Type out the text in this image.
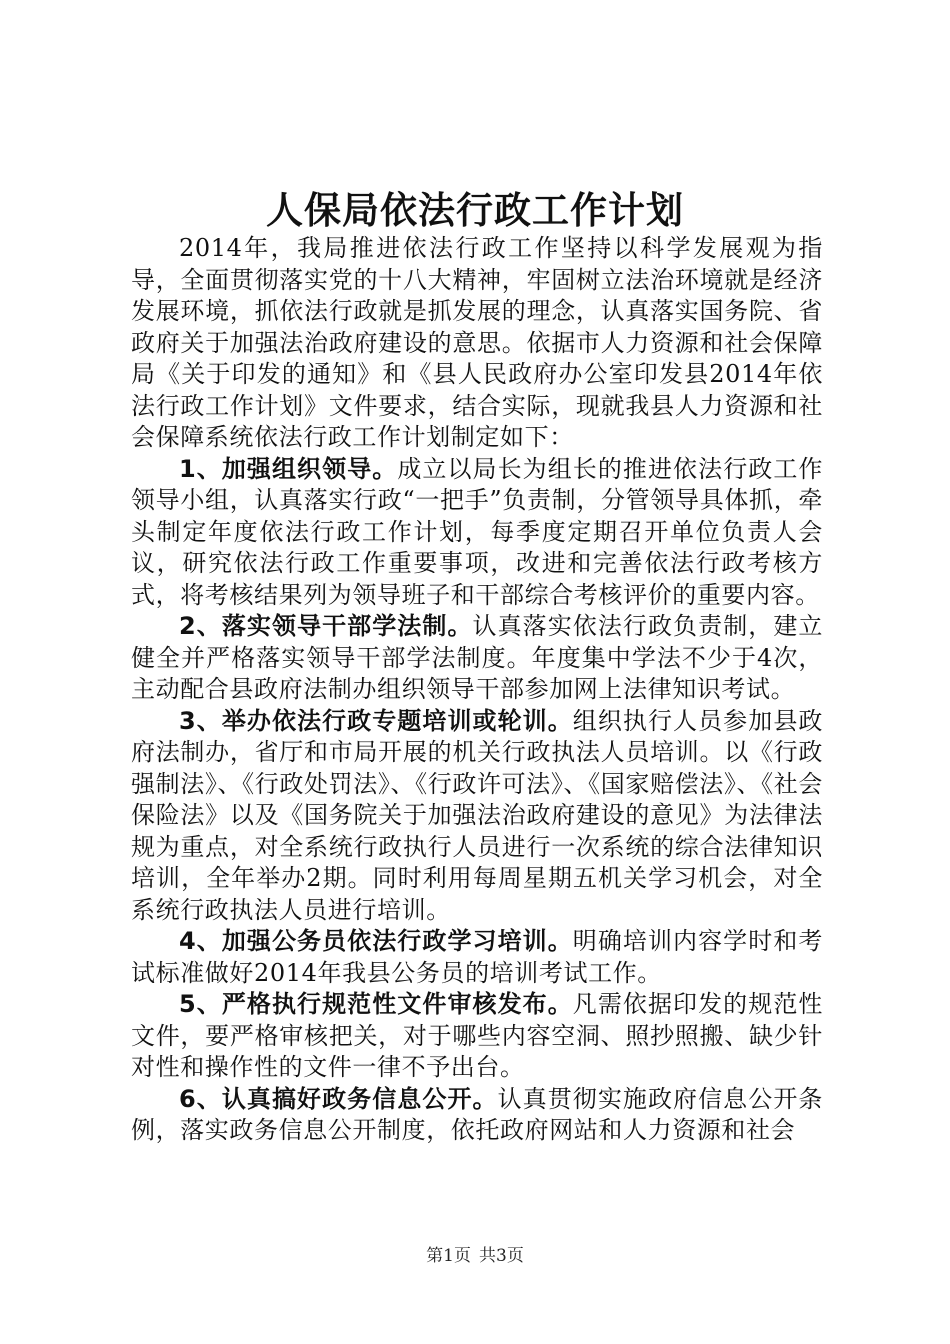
人保局依法行政工作计划

2014年，我局推进依法行政工作坚持以科学发展观为指导，全面贯彻落实党的十八大精神，牢固树立法治环境就是经济发展环境，抓依法行政就是抓发展的理念，认真落实国务院、省政府关于加强法治政府建设的意思。依据市人力资源和社会保障局《关于印发的通知》和《县人民政府办公室印发县2014年依法行政工作计划》文件要求，结合实际，现就我县人力资源和社会保障系统依法行政工作计划制定如下：

1、加强组织领导。成立以局长为组长的推进依法行政工作领导小组，认真落实行政“一把手”负责制，分管领导具体抓，牵头制定年度依法行政工作计划，每季度定期召开单位负责人会议，研究依法行政工作重要事项，改进和完善依法行政考核方式，将考核结果列为领导班子和干部综合考核评价的重要内容。

2、落实领导干部学法制。认真落实依法行政负责制，建立健全并严格落实领导干部学法制度。年度集中学法不少于4次，主动配合县政府法制办组织领导干部参加网上法律知识考试。

3、举办依法行政专题培训或轮训。组织执行人员参加县政府法制办，省厅和市局开展的机关行政执法人员培训。以《行政强制法》、《行政处罚法》、《行政许可法》、《国家赔偿法》、《社会保险法》以及《国务院关于加强法治政府建设的意见》为法律法规为重点，对全系统行政执行人员进行一次系统的综合法律知识培训，全年举办2期。同时利用每周星期五机关学习机会，对全系统行政执法人员进行培训。

4、加强公务员依法行政学习培训。明确培训内容学时和考试标准做好2014年我县公务员的培训考试工作。

5、严格执行规范性文件审核发布。凡需依据印发的规范性文件，要严格审核把关，对于哪些内容空洞、照抄照搬、缺少针对性和操作性的文件一律不予出台。

6、认真搞好政务信息公开。认真贯彻实施政府信息公开条例，落实政务信息公开制度，依托政府网站和人力资源和社会

第1页 共3页
